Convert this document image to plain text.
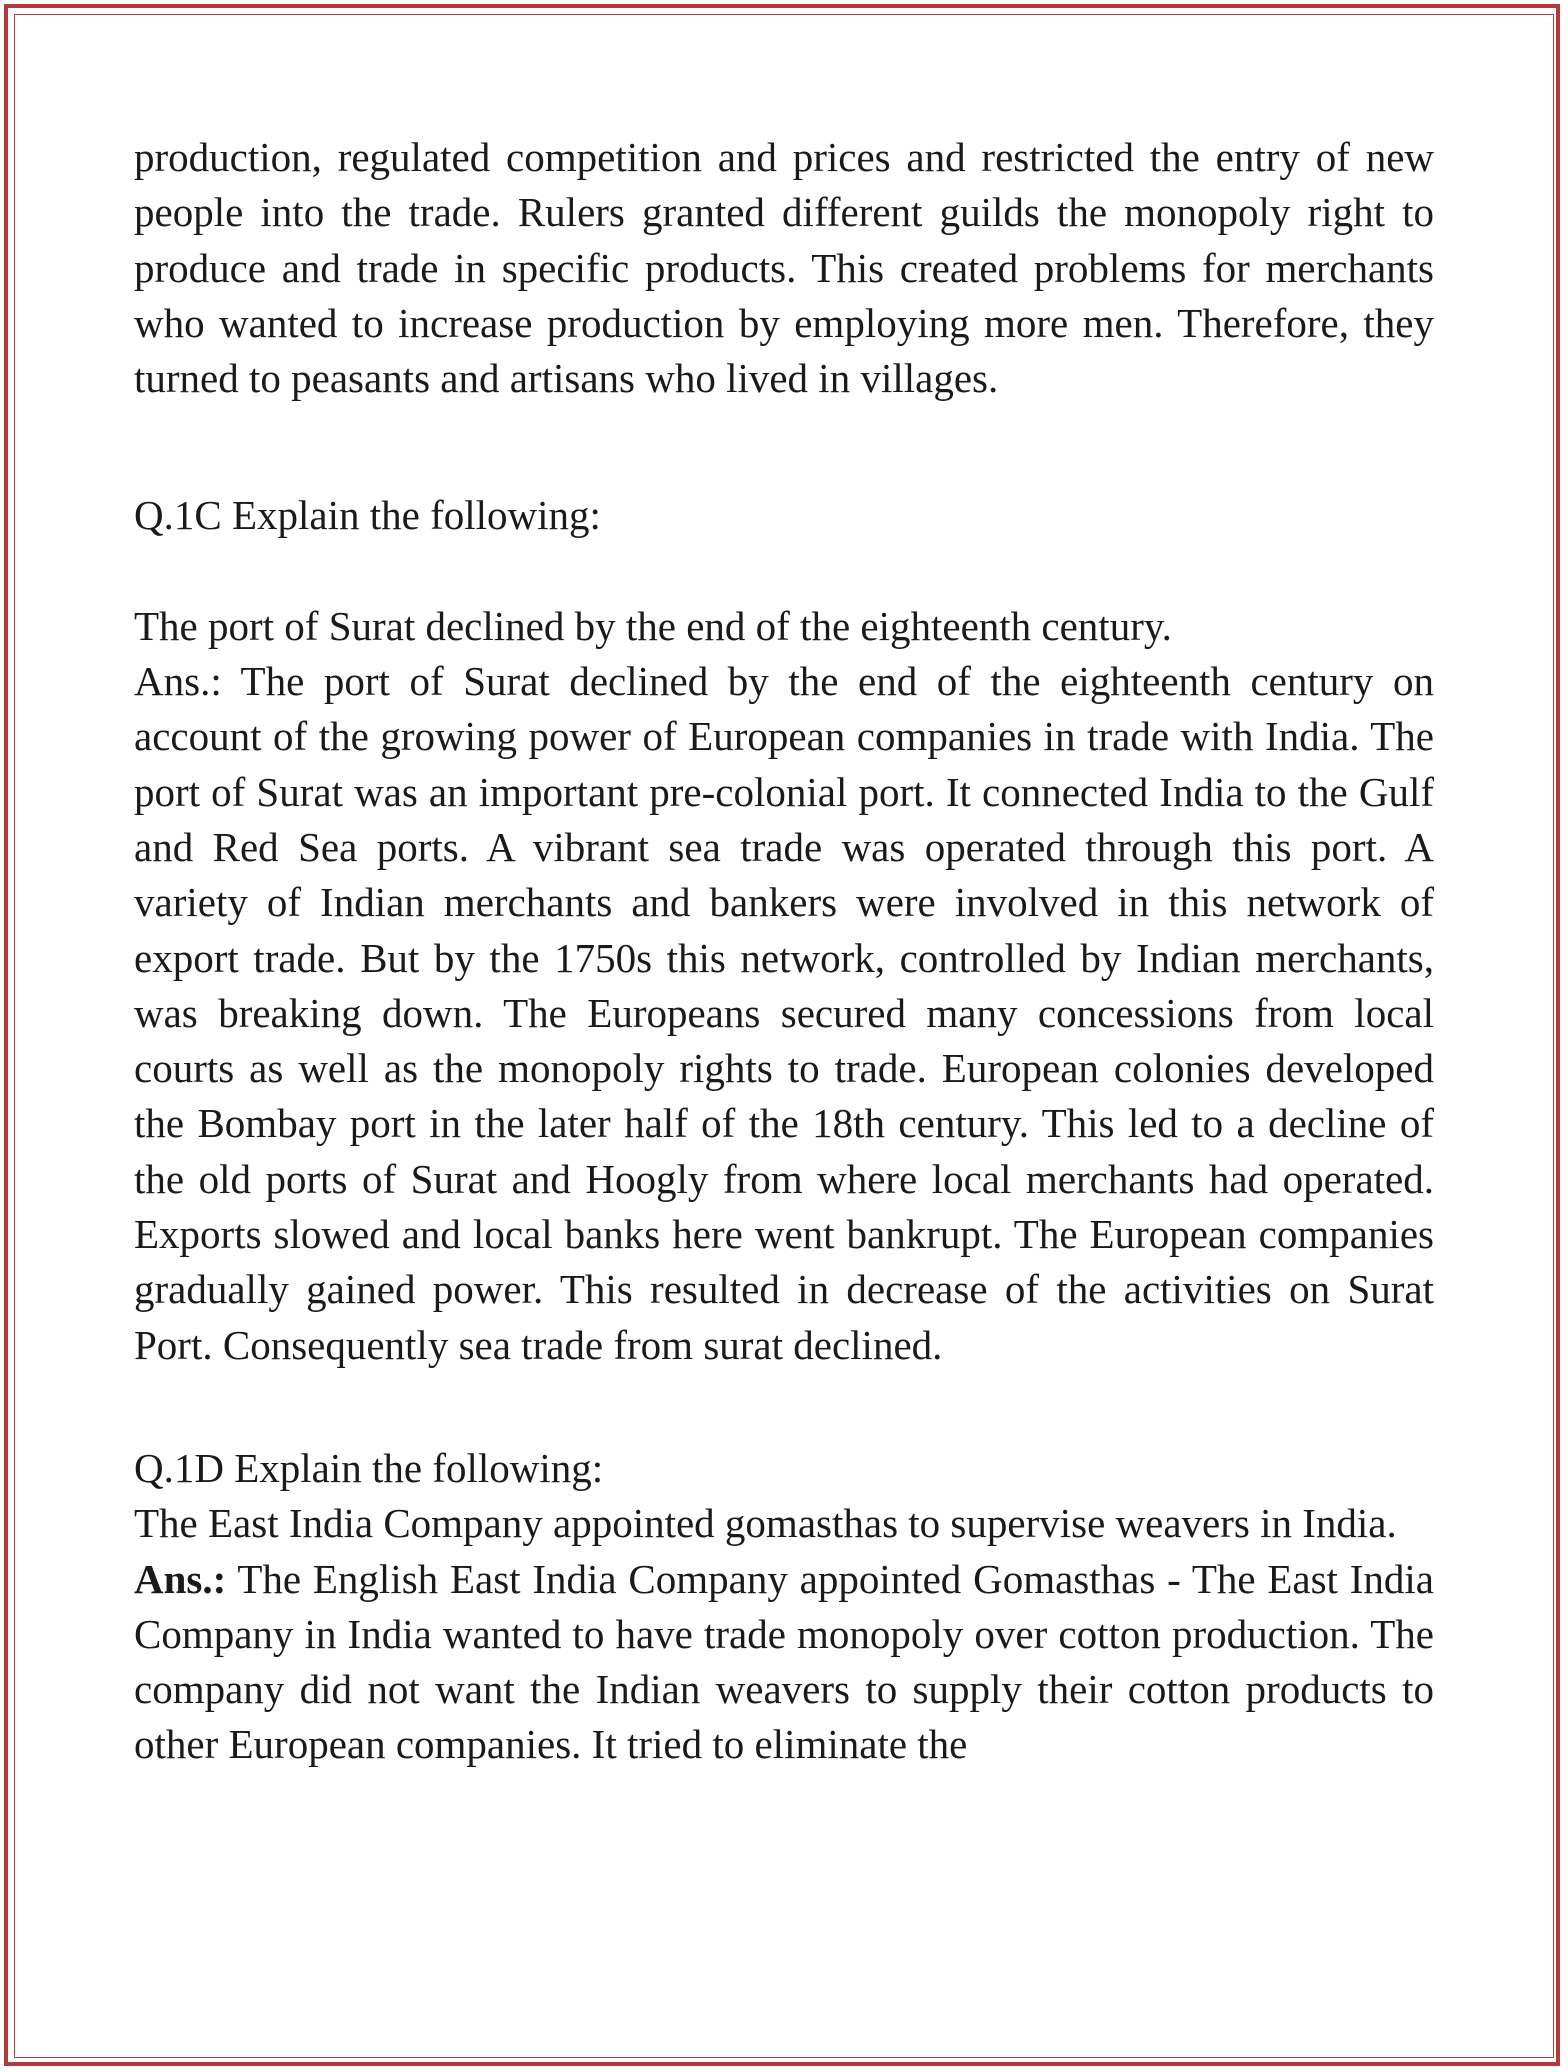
production, regulated competition and prices and restricted the entry of new people into the trade. Rulers granted different guilds the monopoly right to produce and trade in specific products. This created problems for merchants who wanted to increase production by employing more men. Therefore, they turned to peasants and artisans who lived in villages.

Q.1C Explain the following:

The port of Surat declined by the end of the eighteenth century.

Ans.: The port of Surat declined by the end of the eighteenth century on account of the growing power of European companies in trade with India. The port of Surat was an important pre-colonial port. It connected India to the Gulf and Red Sea ports. A vibrant sea trade was operated through this port. A variety of Indian merchants and bankers were involved in this network of export trade. But by the 1750s this network, controlled by Indian merchants, was breaking down. The Europeans secured many concessions from local courts as well as the monopoly rights to trade. European colonies developed the Bombay port in the later half of the 18th century. This led to a decline of the old ports of Surat and Hoogly from where local merchants had operated. Exports slowed and local banks here went bankrupt. The European companies gradually gained power. This resulted in decrease of the activities on Surat Port. Consequently sea trade from surat declined.

Q.1D Explain the following:

The East India Company appointed gomasthas to supervise weavers in India.

Ans.: The English East India Company appointed Gomasthas - The East India Company in India wanted to have trade monopoly over cotton production. The company did not want the Indian weavers to supply their cotton products to other European companies. It tried to eliminate the
